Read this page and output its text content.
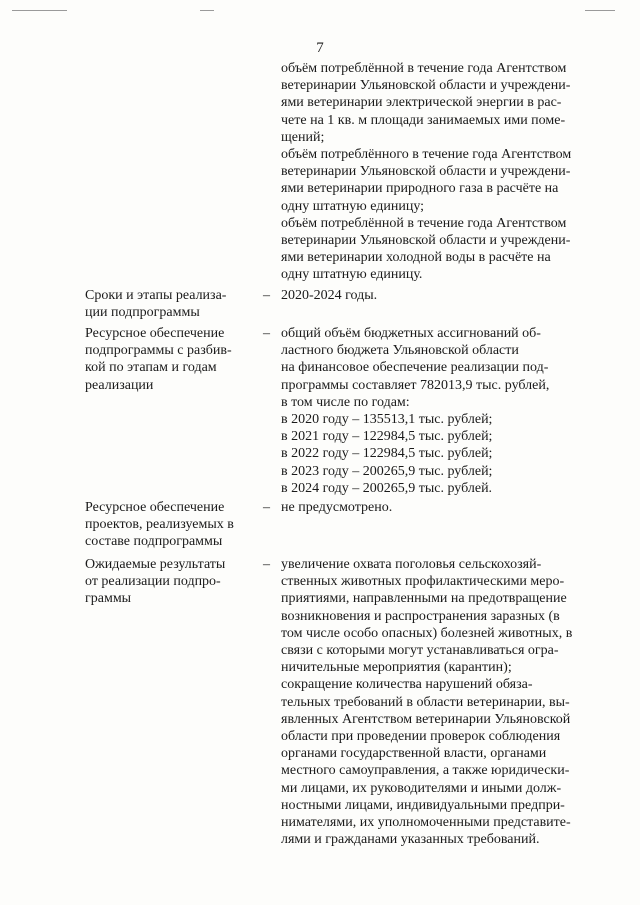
7
объём потреблённой в течение года Агентством
ветеринарии Ульяновской области и учреждени-
ями ветеринарии электрической энергии в рас-
чете на 1 кв. м площади занимаемых ими поме-
щений;
объём потреблённого в течение года Агентством
ветеринарии Ульяновской области и учреждени-
ями ветеринарии природного газа в расчёте на
одну штатную единицу;
объём потреблённой в течение года Агентством
ветеринарии Ульяновской области и учреждени-
ями ветеринарии холодной воды в расчёте на
одну штатную единицу.
Сроки и этапы реализа-
ции подпрограммы
– 2020-2024 годы.
Ресурсное обеспечение
подпрограммы с разбив-
кой по этапам и годам
реализации
– общий объём бюджетных ассигнований об-
ластного бюджета Ульяновской области
на финансовое обеспечение реализации под-
программы составляет 782013,9 тыс. рублей,
в том числе по годам:
в 2020 году – 135513,1 тыс. рублей;
в 2021 году – 122984,5 тыс. рублей;
в 2022 году – 122984,5 тыс. рублей;
в 2023 году – 200265,9 тыс. рублей;
в 2024 году – 200265,9 тыс. рублей.
Ресурсное обеспечение
проектов, реализуемых в
составе подпрограммы
– не предусмотрено.
Ожидаемые результаты
от реализации подпро-
граммы
– увеличение охвата поголовья сельскохозяй-
ственных животных профилактическими меро-
приятиями, направленными на предотвращение
возникновения и распространения заразных (в
том числе особо опасных) болезней животных, в
связи с которыми могут устанавливаться огра-
ничительные мероприятия (карантин);
сокращение количества нарушений обяза-
тельных требований в области ветеринарии, вы-
явленных Агентством ветеринарии Ульяновской
области при проведении проверок соблюдения
органами государственной власти, органами
местного самоуправления, а также юридически-
ми лицами, их руководителями и иными долж-
ностными лицами, индивидуальными предпри-
нимателями, их уполномоченными представите-
лями и гражданами указанных требований.
